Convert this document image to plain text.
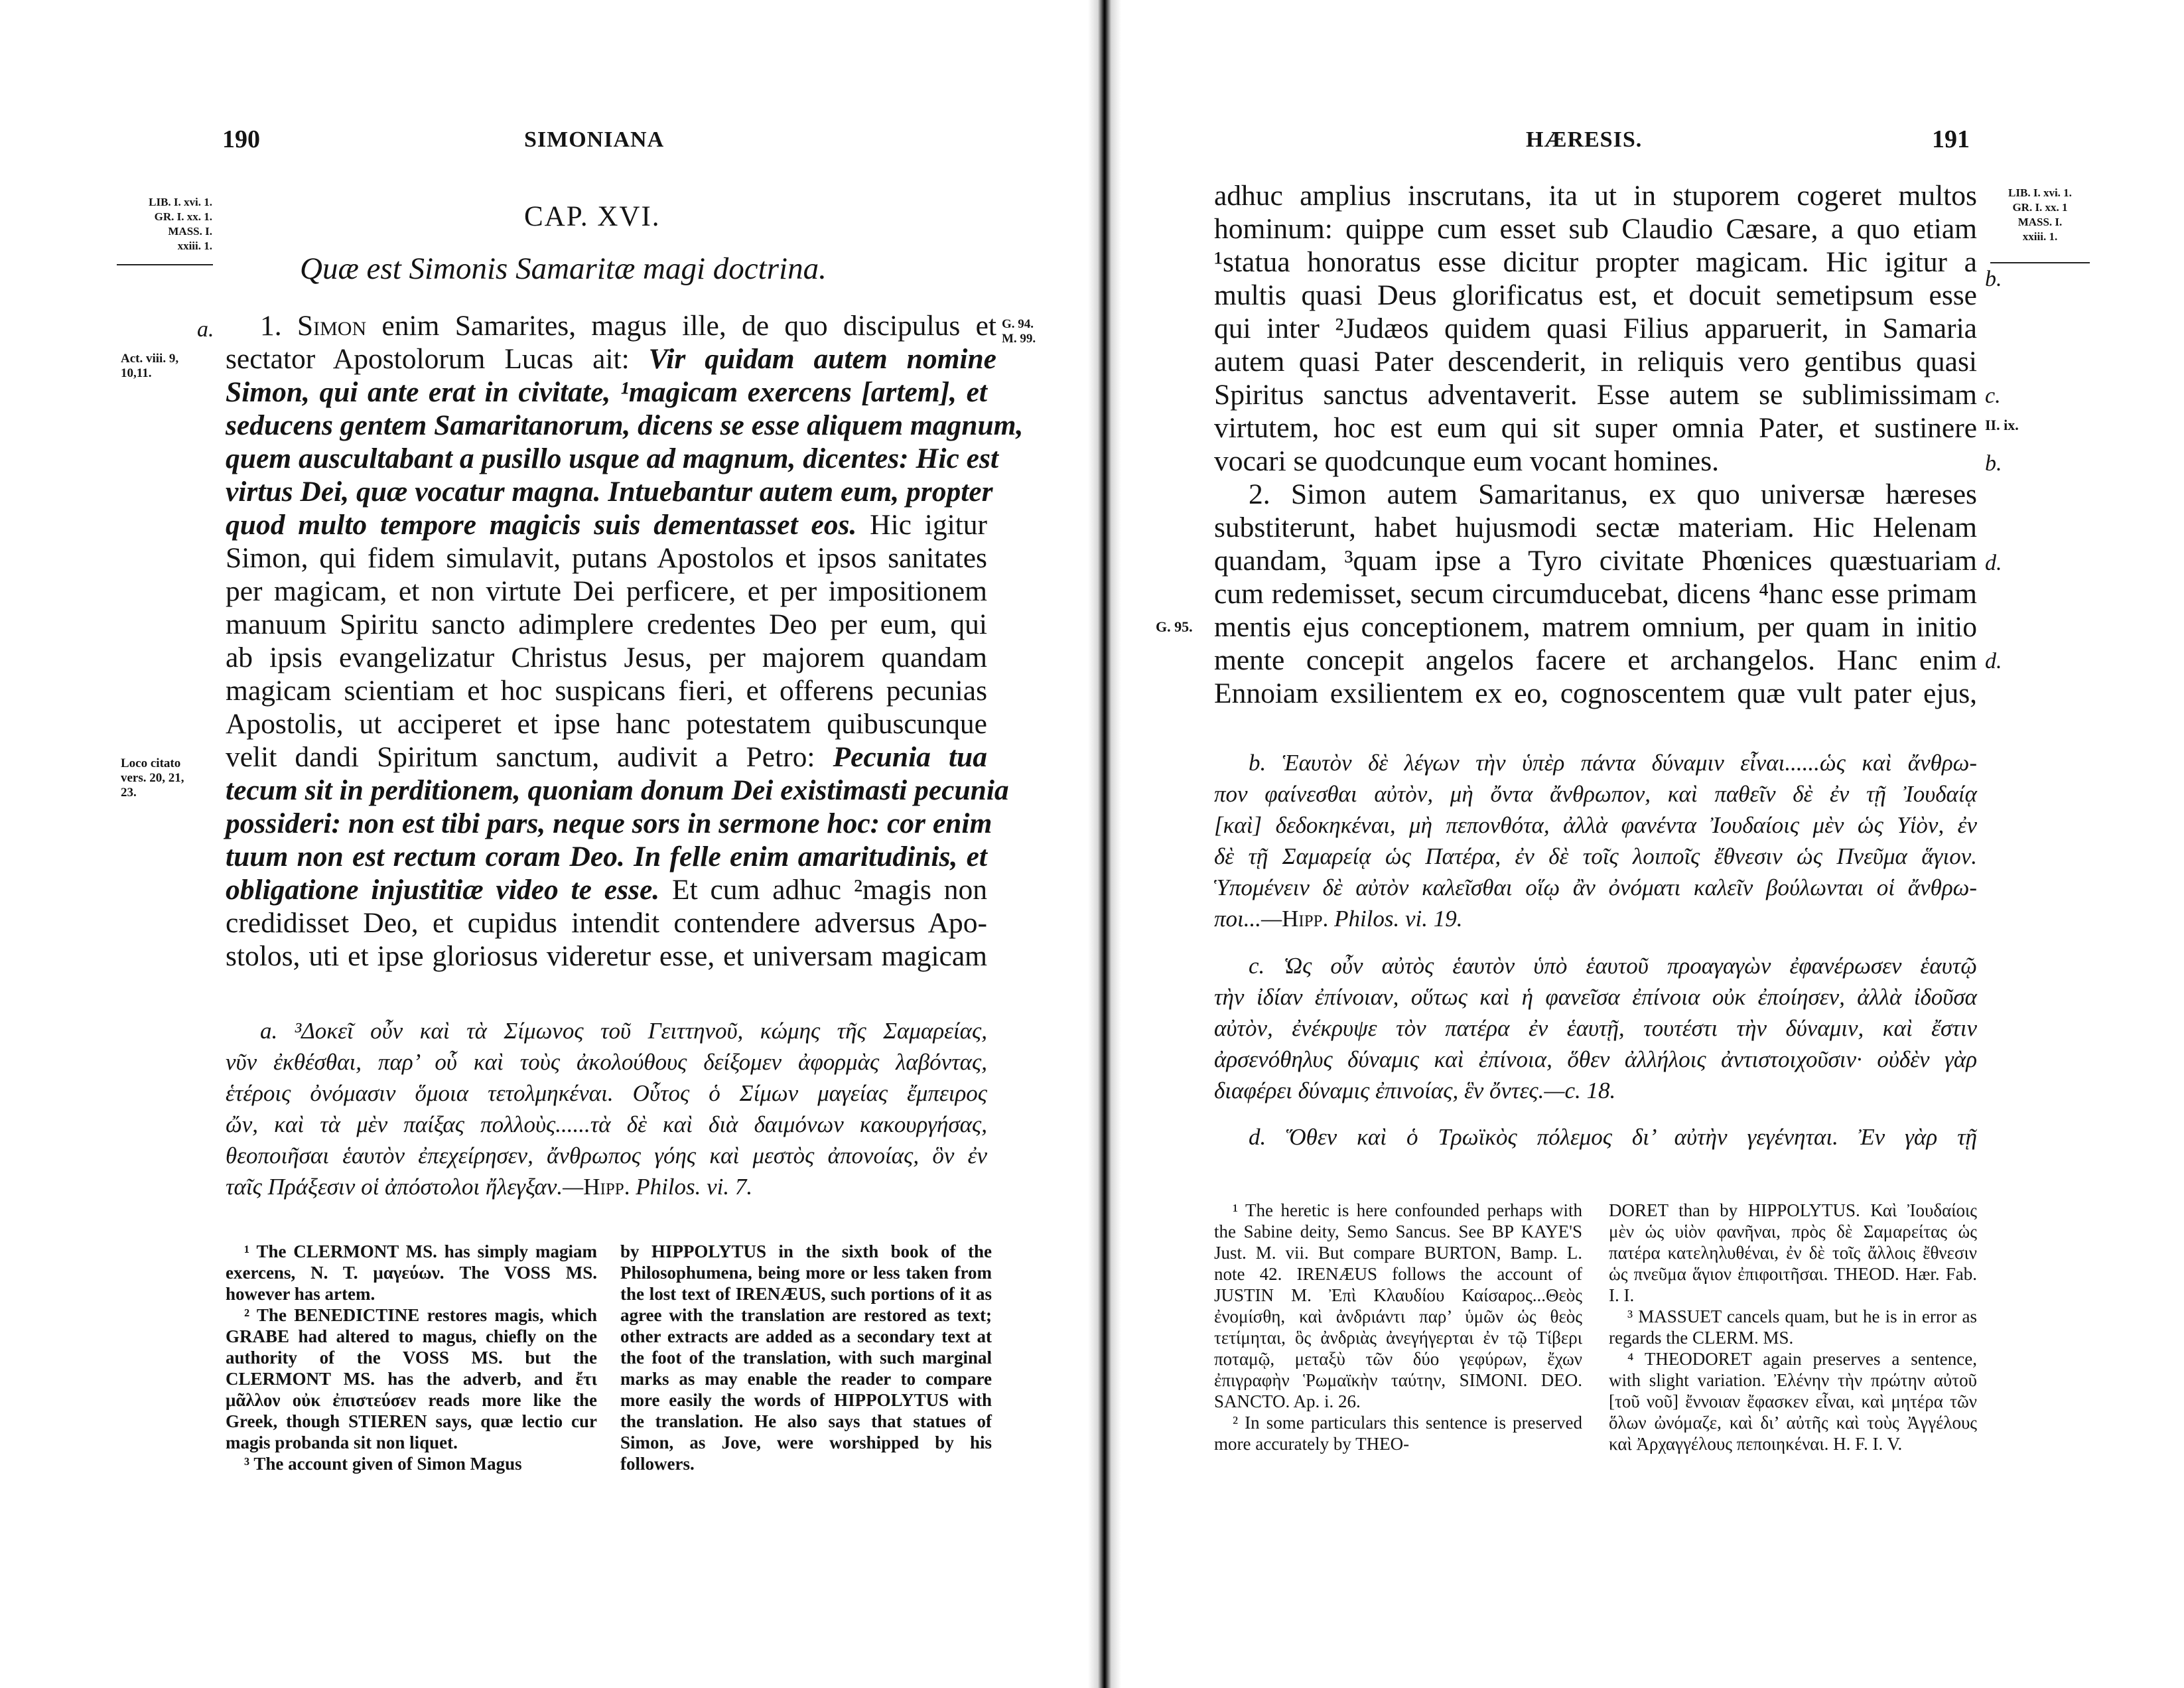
190	SIMONIANA
LIB. I. xvi. 1.
GR. I. xx. 1.
MASS. I.
xxiii. 1.
CAP. XVI.
Quæ est Simonis Samaritæ magi doctrina.
a.	G. 94.
M. 99.
Act. viii. 9,
10,11.
Loco citato
vers. 20, 21,
23.
1. Simon enim Samarites, magus ille, de quo discipulus et
sectator Apostolorum Lucas ait: Vir quidam autem nomine
Simon, qui ante erat in civitate, ¹magicam exercens [artem], et
seducens gentem Samaritanorum, dicens se esse aliquem magnum,
quem auscultabant a pusillo usque ad magnum, dicentes: Hic est
virtus Dei, quæ vocatur magna. Intuebantur autem eum, propter
quod multo tempore magicis suis dementasset eos. Hic igitur
Simon, qui fidem simulavit, putans Apostolos et ipsos sanitates
per magicam, et non virtute Dei perficere, et per impositionem
manuum Spiritu sancto adimplere credentes Deo per eum, qui
ab ipsis evangelizatur Christus Jesus, per majorem quandam
magicam scientiam et hoc suspicans fieri, et offerens pecunias
Apostolis, ut acciperet et ipse hanc potestatem quibuscunque
velit dandi Spiritum sanctum, audivit a Petro: Pecunia tua
tecum sit in perditionem, quoniam donum Dei existimasti pecunia
possideri: non est tibi pars, neque sors in sermone hoc: cor enim
tuum non est rectum coram Deo. In felle enim amaritudinis, et
obligatione injustitiæ video te esse. Et cum adhuc ²magis non
credidisset Deo, et cupidus intendit contendere adversus Apo-
stolos, uti et ipse gloriosus videretur esse, et universam magicam
a. ³Δοκεῖ οὖν καὶ τὰ Σίμωνος τοῦ Γειττηνοῦ, κώμης τῆς Σαμαρείας,
νῦν ἐκθέσθαι, παρ’ οὗ καὶ τοὺς ἀκολούθους δείξομεν ἀφορμὰς λαβόντας,
ἑτέροις ὀνόμασιν ὅμοια τετολμηκέναι. Οὗτος ὁ Σίμων μαγείας ἔμπειρος
ὤν, καὶ τὰ μὲν παίξας πολλοὺς......τὰ δὲ καὶ διὰ δαιμόνων κακουργήσας,
θεοποιῆσαι ἑαυτὸν ἐπεχείρησεν, ἄνθρωπος γόης καὶ μεστὸς ἀπονοίας, ὃν ἐν
ταῖς Πράξεσιν οἱ ἀπόστολοι ἤλεγξαν.—Hipp. Philos. vi. 7.

¹ The CLERMONT MS. has simply magiam exercens, N. T. μαγεύων. The VOSS MS. however has artem.

² The BENEDICTINE restores magis, which GRABE had altered to magus, chiefly on the authority of the VOSS MS. but the CLERMONT MS. has the adverb, and ἔτι μᾶλλον οὐκ ἐπιστεύσεν reads more like the Greek, though STIEREN says, quæ lectio cur magis probanda sit non liquet.

³ The account given of Simon Magus

by HIPPOLYTUS in the sixth book of the Philosophumena, being more or less taken from the lost text of IRENÆUS, such portions of it as agree with the translation are restored as text; other extracts are added as a secondary text at the foot of the translation, with such marginal marks as may enable the reader to compare more easily the words of HIPPOLYTUS with the translation. He also says that statues of Simon, as Jove, were worshipped by his followers.

HÆRESIS.	191
LIB. I. xvi. 1.
GR. I. xx. 1
MASS. I.
xxiii. 1.
b.
c.
II. ix.
b.
d.
G. 95.
d.
adhuc amplius inscrutans, ita ut in stuporem cogeret multos
hominum: quippe cum esset sub Claudio Cæsare, a quo etiam
¹statua honoratus esse dicitur propter magicam. Hic igitur a
multis quasi Deus glorificatus est, et docuit semetipsum esse
qui inter ²Judæos quidem quasi Filius apparuerit, in Samaria
autem quasi Pater descenderit, in reliquis vero gentibus quasi
Spiritus sanctus adventaverit. Esse autem se sublimissimam
virtutem, hoc est eum qui sit super omnia Pater, et sustinere
vocari se quodcunque eum vocant homines.
2. Simon autem Samaritanus, ex quo universæ hæreses
substiterunt, habet hujusmodi sectæ materiam. Hic Helenam
quandam, ³quam ipse a Tyro civitate Phœnices quæstuariam
cum redemisset, secum circumducebat, dicens ⁴hanc esse primam
mentis ejus conceptionem, matrem omnium, per quam in initio
mente concepit angelos facere et archangelos. Hanc enim
Ennoiam exsilientem ex eo, cognoscentem quæ vult pater ejus,
b. Ἑαυτὸν δὲ λέγων τὴν ὑπὲρ πάντα δύναμιν εἶναι......ὡς καὶ ἄνθρω-
πον φαίνεσθαι αὐτὸν, μὴ ὄντα ἄνθρωπον, καὶ παθεῖν δὲ ἐν τῇ Ἰουδαίᾳ
[καὶ] δεδοκηκέναι, μὴ πεπονθότα, ἀλλὰ φανέντα Ἰουδαίοις μὲν ὡς Υἱὸν, ἐν
δὲ τῇ Σαμαρείᾳ ὡς Πατέρα, ἐν δὲ τοῖς λοιποῖς ἔθνεσιν ὡς Πνεῦμα ἅγιον.
Ὑπομένειν δὲ αὐτὸν καλεῖσθαι οἵῳ ἂν ὀνόματι καλεῖν βούλωνται οἱ ἄνθρω-
ποι...—Hipp. Philos. vi. 19.
c. Ὡς οὖν αὐτὸς ἑαυτὸν ὑπὸ ἑαυτοῦ προαγαγὼν ἐφανέρωσεν ἑαυτῷ
τὴν ἰδίαν ἐπίνοιαν, οὕτως καὶ ἡ φανεῖσα ἐπίνοια οὐκ ἐποίησεν, ἀλλὰ ἰδοῦσα
αὐτὸν, ἐνέκρυψε τὸν πατέρα ἐν ἑαυτῇ, τουτέστι τὴν δύναμιν, καὶ ἔστιν
ἀρσενόθηλυς δύναμις καὶ ἐπίνοια, ὅθεν ἀλλήλοις ἀντιστοιχοῦσιν· οὐδὲν γὰρ
διαφέρει δύναμις ἐπινοίας, ἓν ὄντες.—c. 18.
d. Ὅθεν καὶ ὁ Τρωϊκὸς πόλεμος δι’ αὐτὴν γεγένηται. Ἐν γὰρ τῇ

¹ The heretic is here confounded perhaps with the Sabine deity, Semo Sancus. See BP KAYE'S Just. M. vii. But compare BURTON, Bamp. L. note 42. IRENÆUS follows the account of JUSTIN M. Ἐπὶ Κλαυδίου Καίσαρος...Θεὸς ἐνομίσθη, καὶ ἀνδριάντι παρ’ ὑμῶν ὡς θεὸς τετίμηται, ὃς ἀνδριὰς ἀνεγήγερται ἐν τῷ Τίβερι ποταμῷ, μεταξὺ τῶν δύο γεφύρων, ἔχων ἐπιγραφὴν Ῥωμαϊκὴν ταύτην, SIMONI. DEO. SANCTO. Ap. i. 26.

² In some particulars this sentence is preserved more accurately by THEO-

DORET than by HIPPOLYTUS. Καὶ Ἰουδαίοις μὲν ὡς υἱὸν φανῆναι, πρὸς δὲ Σαμαρείτας ὡς πατέρα κατεληλυθέναι, ἐν δὲ τοῖς ἄλλοις ἔθνεσιν ὡς πνεῦμα ἅγιον ἐπιφοιτῆσαι. THEOD. Hær. Fab. I. I.

³ MASSUET cancels quam, but he is in error as regards the CLERM. MS.

⁴ THEODORET again preserves a sentence, with slight variation. Ἐλένην τὴν πρώτην αὐτοῦ [τοῦ νοῦ] ἔννοιαν ἔφασκεν εἶναι, καὶ μητέρα τῶν ὅλων ὠνόμαζε, καὶ δι’ αὐτῆς καὶ τοὺς Ἀγγέλους καὶ Ἀρχαγγέλους πεποιηκέναι. H. F. I. V.
